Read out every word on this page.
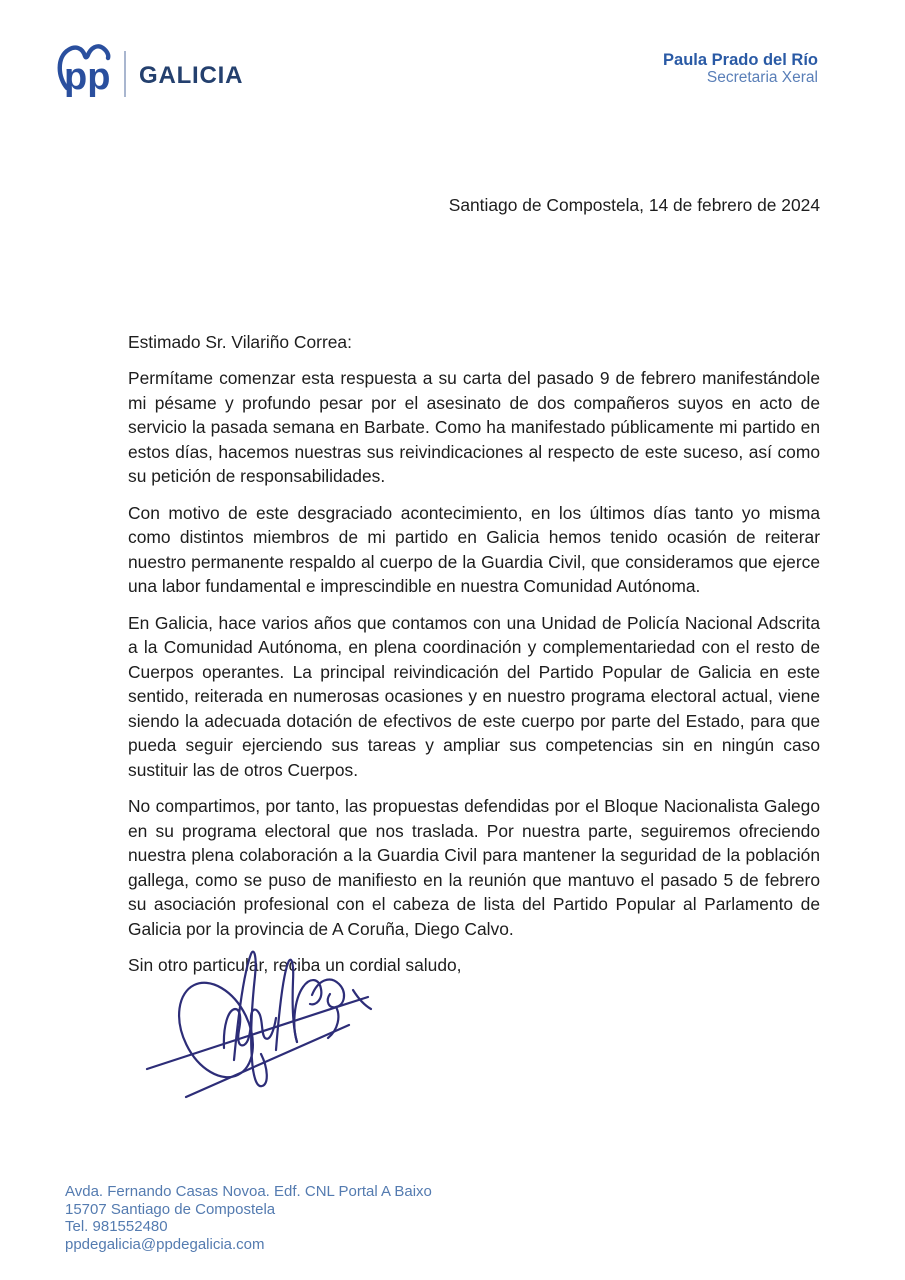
pp GALICIA
Paula Prado del Río
Secretaria Xeral
Santiago de Compostela, 14 de febrero de 2024
Estimado Sr. Vilariño Correa:

Permítame comenzar esta respuesta a su carta del pasado 9 de febrero manifestándole mi pésame y profundo pesar por el asesinato de dos compañeros suyos en acto de servicio la pasada semana en Barbate. Como ha manifestado públicamente mi partido en estos días, hacemos nuestras sus reivindicaciones al respecto de este suceso, así como su petición de responsabilidades.

Con motivo de este desgraciado acontecimiento, en los últimos días tanto yo misma como distintos miembros de mi partido en Galicia hemos tenido ocasión de reiterar nuestro permanente respaldo al cuerpo de la Guardia Civil, que consideramos que ejerce una labor fundamental e imprescindible en nuestra Comunidad Autónoma.

En Galicia, hace varios años que contamos con una Unidad de Policía Nacional Adscrita a la Comunidad Autónoma, en plena coordinación y complementariedad con el resto de Cuerpos operantes. La principal reivindicación del Partido Popular de Galicia en este sentido, reiterada en numerosas ocasiones y en nuestro programa electoral actual, viene siendo la adecuada dotación de efectivos de este cuerpo por parte del Estado, para que pueda seguir ejerciendo sus tareas y ampliar sus competencias sin en ningún caso sustituir las de otros Cuerpos.

No compartimos, por tanto, las propuestas defendidas por el Bloque Nacionalista Galego en su programa electoral que nos traslada. Por nuestra parte, seguiremos ofreciendo nuestra plena colaboración a la Guardia Civil para mantener la seguridad de la población gallega, como se puso de manifiesto en la reunión que mantuvo el pasado 5 de febrero su asociación profesional con el cabeza de lista del Partido Popular al Parlamento de Galicia por la provincia de A Coruña, Diego Calvo.

Sin otro particular, reciba un cordial saludo,

Avda. Fernando Casas Novoa. Edf. CNL Portal A Baixo
15707 Santiago de Compostela
Tel. 981552480
ppdegalicia@ppdegalicia.com
